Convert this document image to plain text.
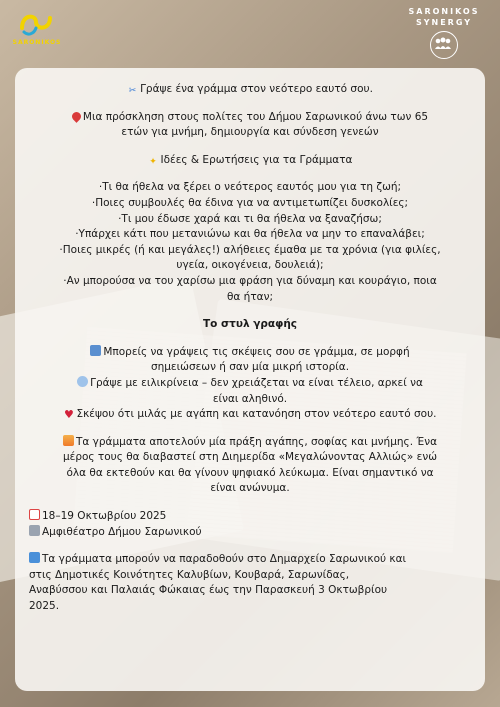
SARONIKOS
SARONIKOS
SYNERGY

✂ Γράψε ένα γράμμα στον νεότερο εαυτό σου.

Μια πρόσκληση στους πολίτες του Δήμου Σαρωνικού άνω των 65

ετών για μνήμη, δημιουργία και σύνδεση γενεών

✦ Ιδέες & Ερωτήσεις για τα Γράμματα

·Τι θα ήθελα να ξέρει ο νεότερος εαυτός μου για τη ζωή;

·Ποιες συμβουλές θα έδινα για να αντιμετωπίζει δυσκολίες;

·Τι μου έδωσε χαρά και τι θα ήθελα να ξαναζήσω;

·Υπάρχει κάτι που μετανιώνω και θα ήθελα να μην το επαναλάβει;

·Ποιες μικρές (ή και μεγάλες!) αλήθειες έμαθα με τα χρόνια (για φιλίες,

υγεία, οικογένεια, δουλειά);

·Αν μπορούσα να του χαρίσω μια φράση για δύναμη και κουράγιο, ποια

θα ήταν;

Το στυλ γραφής

Μπορείς να γράψεις τις σκέψεις σου σε γράμμα, σε μορφή

σημειώσεων ή σαν μία μικρή ιστορία.

Γράψε με ειλικρίνεια – δεν χρειάζεται να είναι τέλειο, αρκεί να

είναι αληθινό.

♥ Σκέψου ότι μιλάς με αγάπη και κατανόηση στον νεότερο εαυτό σου.

Τα γράμματα αποτελούν μία πράξη αγάπης, σοφίας και μνήμης. Ένα

μέρος τους θα διαβαστεί στη Διημερίδα «Μεγαλώνοντας Αλλιώς» ενώ

όλα θα εκτεθούν και θα γίνουν ψηφιακό λεύκωμα. Είναι σημαντικό να

είναι ανώνυμα.

18–19 Οκτωβρίου 2025

Αμφιθέατρο Δήμου Σαρωνικού

Τα γράμματα μπορούν να παραδοθούν στο Δημαρχείο Σαρωνικού και

στις Δημοτικές Κοινότητες Καλυβίων, Κουβαρά, Σαρωνίδας,

Αναβύσσου και Παλαιάς Φώκαιας έως την Παρασκευή 3 Οκτωβρίου

2025.
